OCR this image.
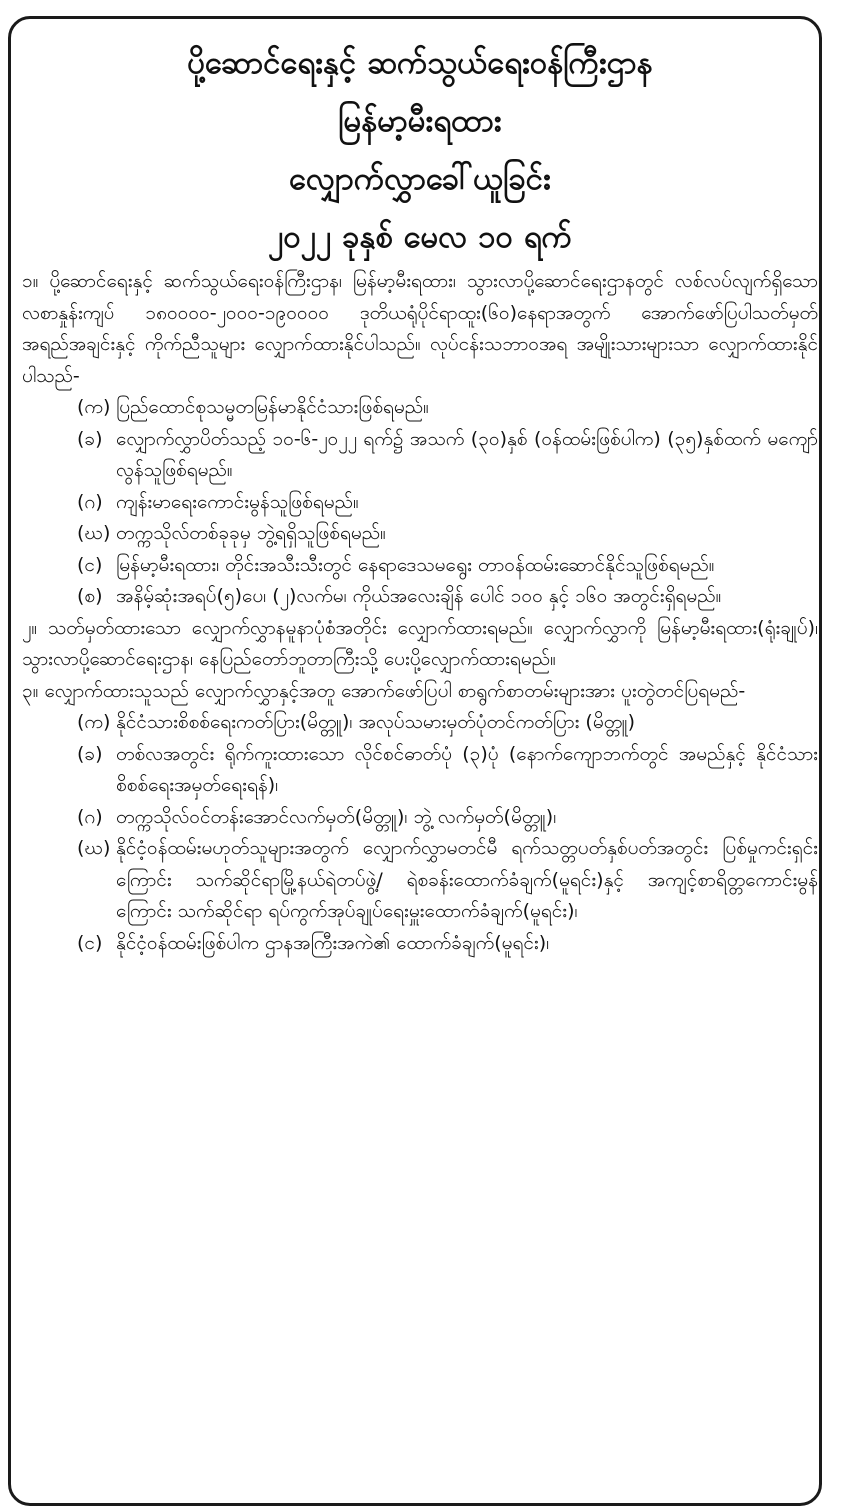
ပို့ဆောင်ရေးနှင့် ဆက်သွယ်ရေးဝန်ကြီးဌာန

မြန်မာ့မီးရထား

လျှောက်လွှာခေါ်ယူခြင်း

၂၀၂၂ ခုနှစ် မေလ ၁၀ ရက်

၁။ ပို့ဆောင်ရေးနှင့် ဆက်သွယ်ရေးဝန်ကြီးဌာန၊ မြန်မာ့မီးရထား၊ သွားလာပို့ဆောင်ရေးဌာနတွင် လစ်လပ်လျက်ရှိသော လစာနှုန်းကျပ် ၁၈၀၀၀၀-၂၀၀၀-၁၉၀၀၀၀ ဒုတိယရုံပိုင်ရာထူး(၆၀)နေရာအတွက် အောက်ဖော်ပြပါသတ်မှတ်အရည်အချင်းနှင့် ကိုက်ညီသူများ လျှောက်ထားနိုင်ပါသည်။ လုပ်ငန်းသဘာဝအရ အမျိုးသားများသာ လျှောက်ထားနိုင်ပါသည်-

(က) ပြည်ထောင်စုသမ္မတမြန်မာနိုင်ငံသားဖြစ်ရမည်။

(ခ) လျှောက်လွှာပိတ်သည့် ၁၀-၆-၂၀၂၂ ရက်၌ အသက် (၃၀)နှစ် (ဝန်ထမ်းဖြစ်ပါက) (၃၅)နှစ်ထက် မကျော်လွန်သူဖြစ်ရမည်။

(ဂ) ကျန်းမာရေးကောင်းမွန်သူဖြစ်ရမည်။

(ဃ) တက္ကသိုလ်တစ်ခုခုမှ ဘွဲ့ရရှိသူဖြစ်ရမည်။

(င) မြန်မာ့မီးရထား၊ တိုင်းအသီးသီးတွင် နေရာဒေသမရွေး တာဝန်ထမ်းဆောင်နိုင်သူဖြစ်ရမည်။

(စ) အနိမ့်ဆုံးအရပ်(၅)ပေ၊ (၂)လက်မ၊ ကိုယ်အလေးချိန် ပေါင် ၁၀၀ နှင့် ၁၆၀ အတွင်းရှိရမည်။

၂။ သတ်မှတ်ထားသော လျှောက်လွှာနမူနာပုံစံအတိုင်း လျှောက်ထားရမည်။ လျှောက်လွှာကို မြန်မာ့မီးရထား(ရုံးချုပ်)၊ သွားလာပို့ဆောင်ရေးဌာန၊ နေပြည်တော်ဘူတာကြီးသို့ ပေးပို့လျှောက်ထားရမည်။

၃။ လျှောက်ထားသူသည် လျှောက်လွှာနှင့်အတူ အောက်ဖော်ပြပါ စာရွက်စာတမ်းများအား ပူးတွဲတင်ပြရမည်-

(က) နိုင်ငံသားစိစစ်ရေးကတ်ပြား(မိတ္တူ)၊ အလုပ်သမားမှတ်ပုံတင်ကတ်ပြား (မိတ္တူ)

(ခ) တစ်လအတွင်း ရိုက်ကူးထားသော လိုင်စင်ဓာတ်ပုံ (၃)ပုံ (နောက်ကျောဘက်တွင် အမည်နှင့် နိုင်ငံသားစိစစ်ရေးအမှတ်ရေးရန်)၊

(ဂ) တက္ကသိုလ်ဝင်တန်းအောင်လက်မှတ်(မိတ္တူ)၊ ဘွဲ့ လက်မှတ်(မိတ္တူ)၊

(ဃ) နိုင်ငံ့ဝန်ထမ်းမဟုတ်သူများအတွက် လျှောက်လွှာမတင်မီ ရက်သတ္တပတ်နှစ်ပတ်အတွင်း ပြစ်မှုကင်းရှင်းကြောင်း သက်ဆိုင်ရာမြို့နယ်ရဲတပ်ဖွဲ့/ ရဲစခန်းထောက်ခံချက်(မူရင်း)နှင့် အကျင့်စာရိတ္တကောင်းမွန်ကြောင်း သက်ဆိုင်ရာ ရပ်ကွက်အုပ်ချုပ်ရေးမှူးထောက်ခံချက်(မူရင်း)၊

(င) နိုင်ငံ့ဝန်ထမ်းဖြစ်ပါက ဌာနအကြီးအကဲ၏ ထောက်ခံချက်(မူရင်း)၊
